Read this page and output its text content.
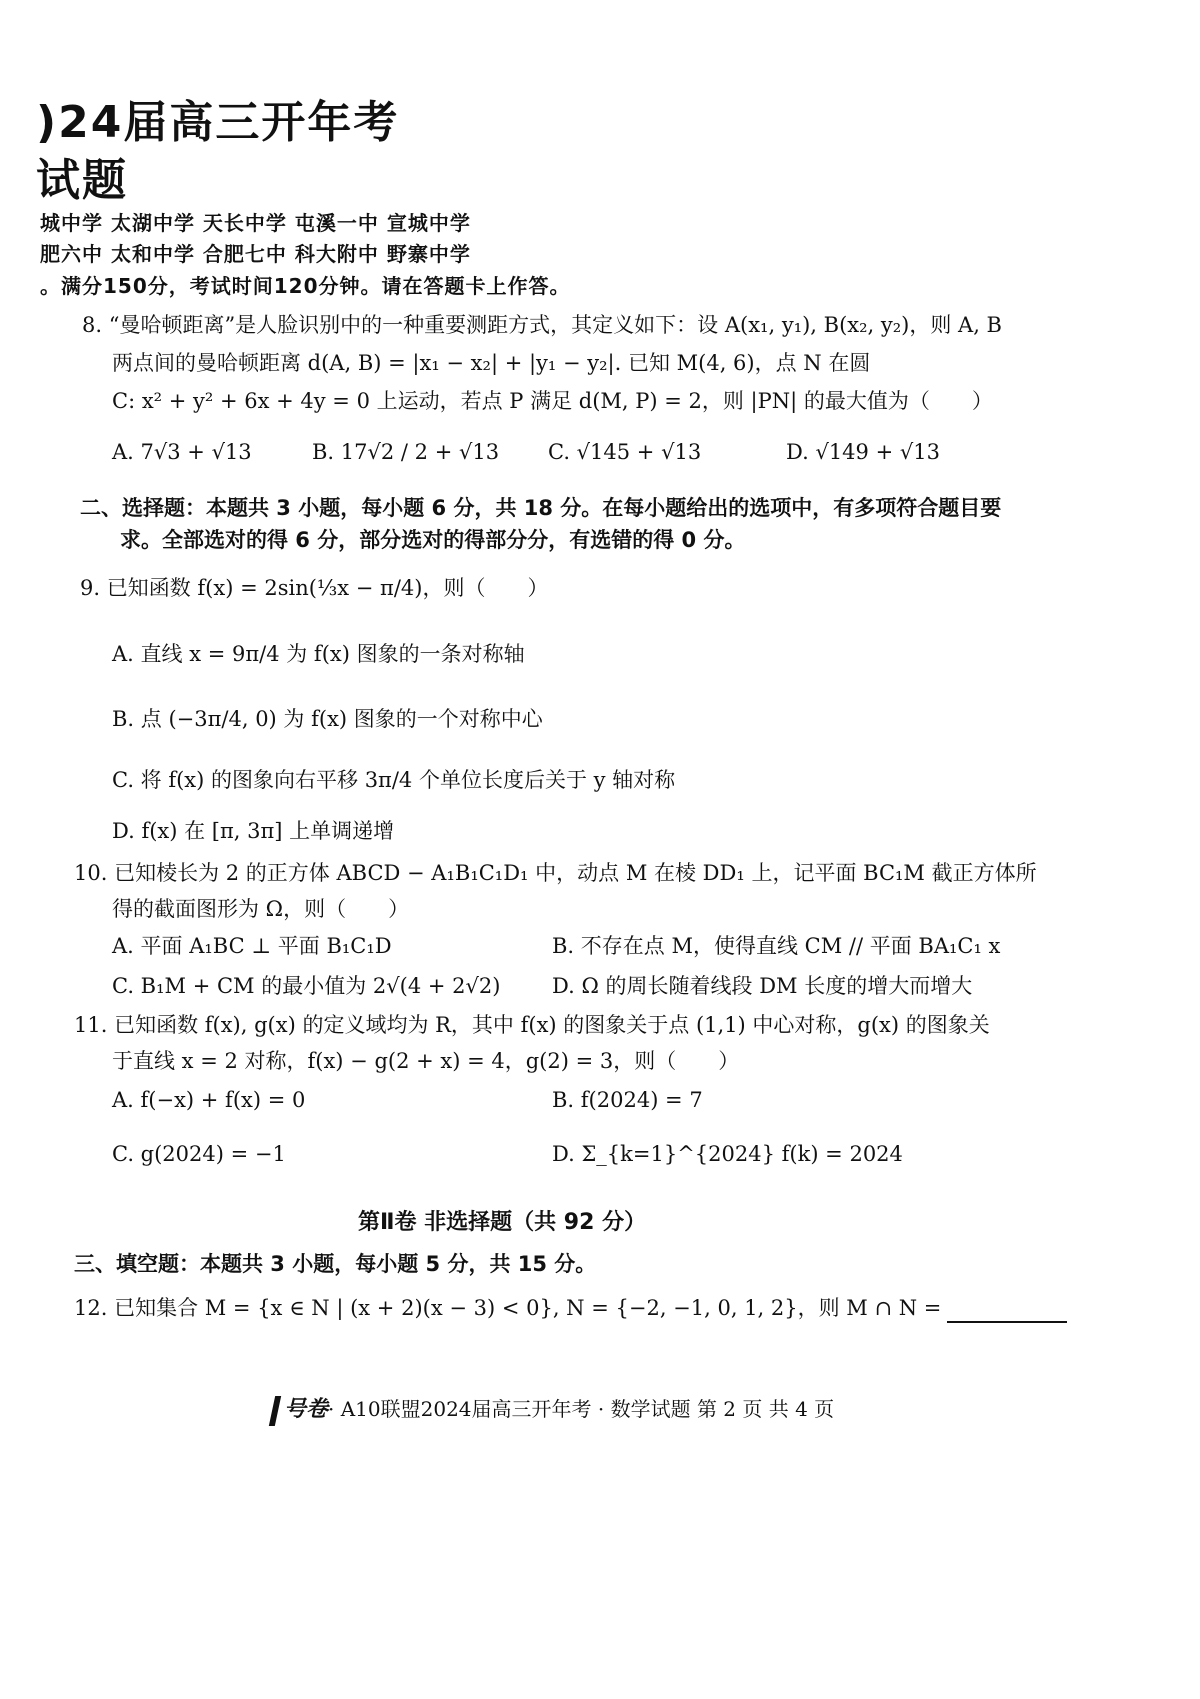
)24届高三开年考
试题
城中学 太湖中学 天长中学 屯溪一中 宣城中学
肥六中 太和中学 合肥七中 科大附中 野寨中学
。满分150分，考试时间120分钟。请在答题卡上作答。
8. “曼哈顿距离”是人脸识别中的一种重要测距方式，其定义如下：设 A(x₁, y₁), B(x₂, y₂)，则 A, B
两点间的曼哈顿距离 d(A, B) = |x₁ − x₂| + |y₁ − y₂|. 已知 M(4, 6)，点 N 在圆
C: x² + y² + 6x + 4y = 0 上运动，若点 P 满足 d(M, P) = 2，则 |PN| 的最大值为（　　）
A. 7√3 + √13	B. 17√2 / 2 + √13 C. √145 + √13	D. √149 + √13
二、选择题：本题共 3 小题，每小题 6 分，共 18 分。在每小题给出的选项中，有多项符合题目要
求。全部选对的得 6 分，部分选对的得部分分，有选错的得 0 分。
9. 已知函数 f(x) = 2sin(⅓x − π/4)，则（　　）
A. 直线 x = 9π/4 为 f(x) 图象的一条对称轴
B. 点 (−3π/4, 0) 为 f(x) 图象的一个对称中心
C. 将 f(x) 的图象向右平移 3π/4 个单位长度后关于 y 轴对称
D. f(x) 在 [π, 3π] 上单调递增
10. 已知棱长为 2 的正方体 ABCD − A₁B₁C₁D₁ 中，动点 M 在棱 DD₁ 上，记平面 BC₁M 截正方体所
得的截面图形为 Ω，则（　　）
A. 平面 A₁BC ⊥ 平面 B₁C₁D	B. 不存在点 M，使得直线 CM // 平面 BA₁C₁ x
C. B₁M + CM 的最小值为 2√(4 + 2√2) D. Ω 的周长随着线段 DM 长度的增大而增大
11. 已知函数 f(x), g(x) 的定义域均为 R，其中 f(x) 的图象关于点 (1,1) 中心对称，g(x) 的图象关
于直线 x = 2 对称，f(x) − g(2 + x) = 4，g(2) = 3，则（　　）
A. f(−x) + f(x) = 0	B. f(2024) = 7
C. g(2024) = −1	D. Σ_{k=1}^{2024} f(k) = 2024
第Ⅱ卷 非选择题（共 92 分）
三、填空题：本题共 3 小题，每小题 5 分，共 15 分。
12. 已知集合 M = {x ∈ N | (x + 2)(x − 3) < 0}, N = {−2, −1, 0, 1, 2}，则 M ∩ N =
号卷· A10联盟2024届高三开年考 · 数学试题 第 2 页 共 4 页
